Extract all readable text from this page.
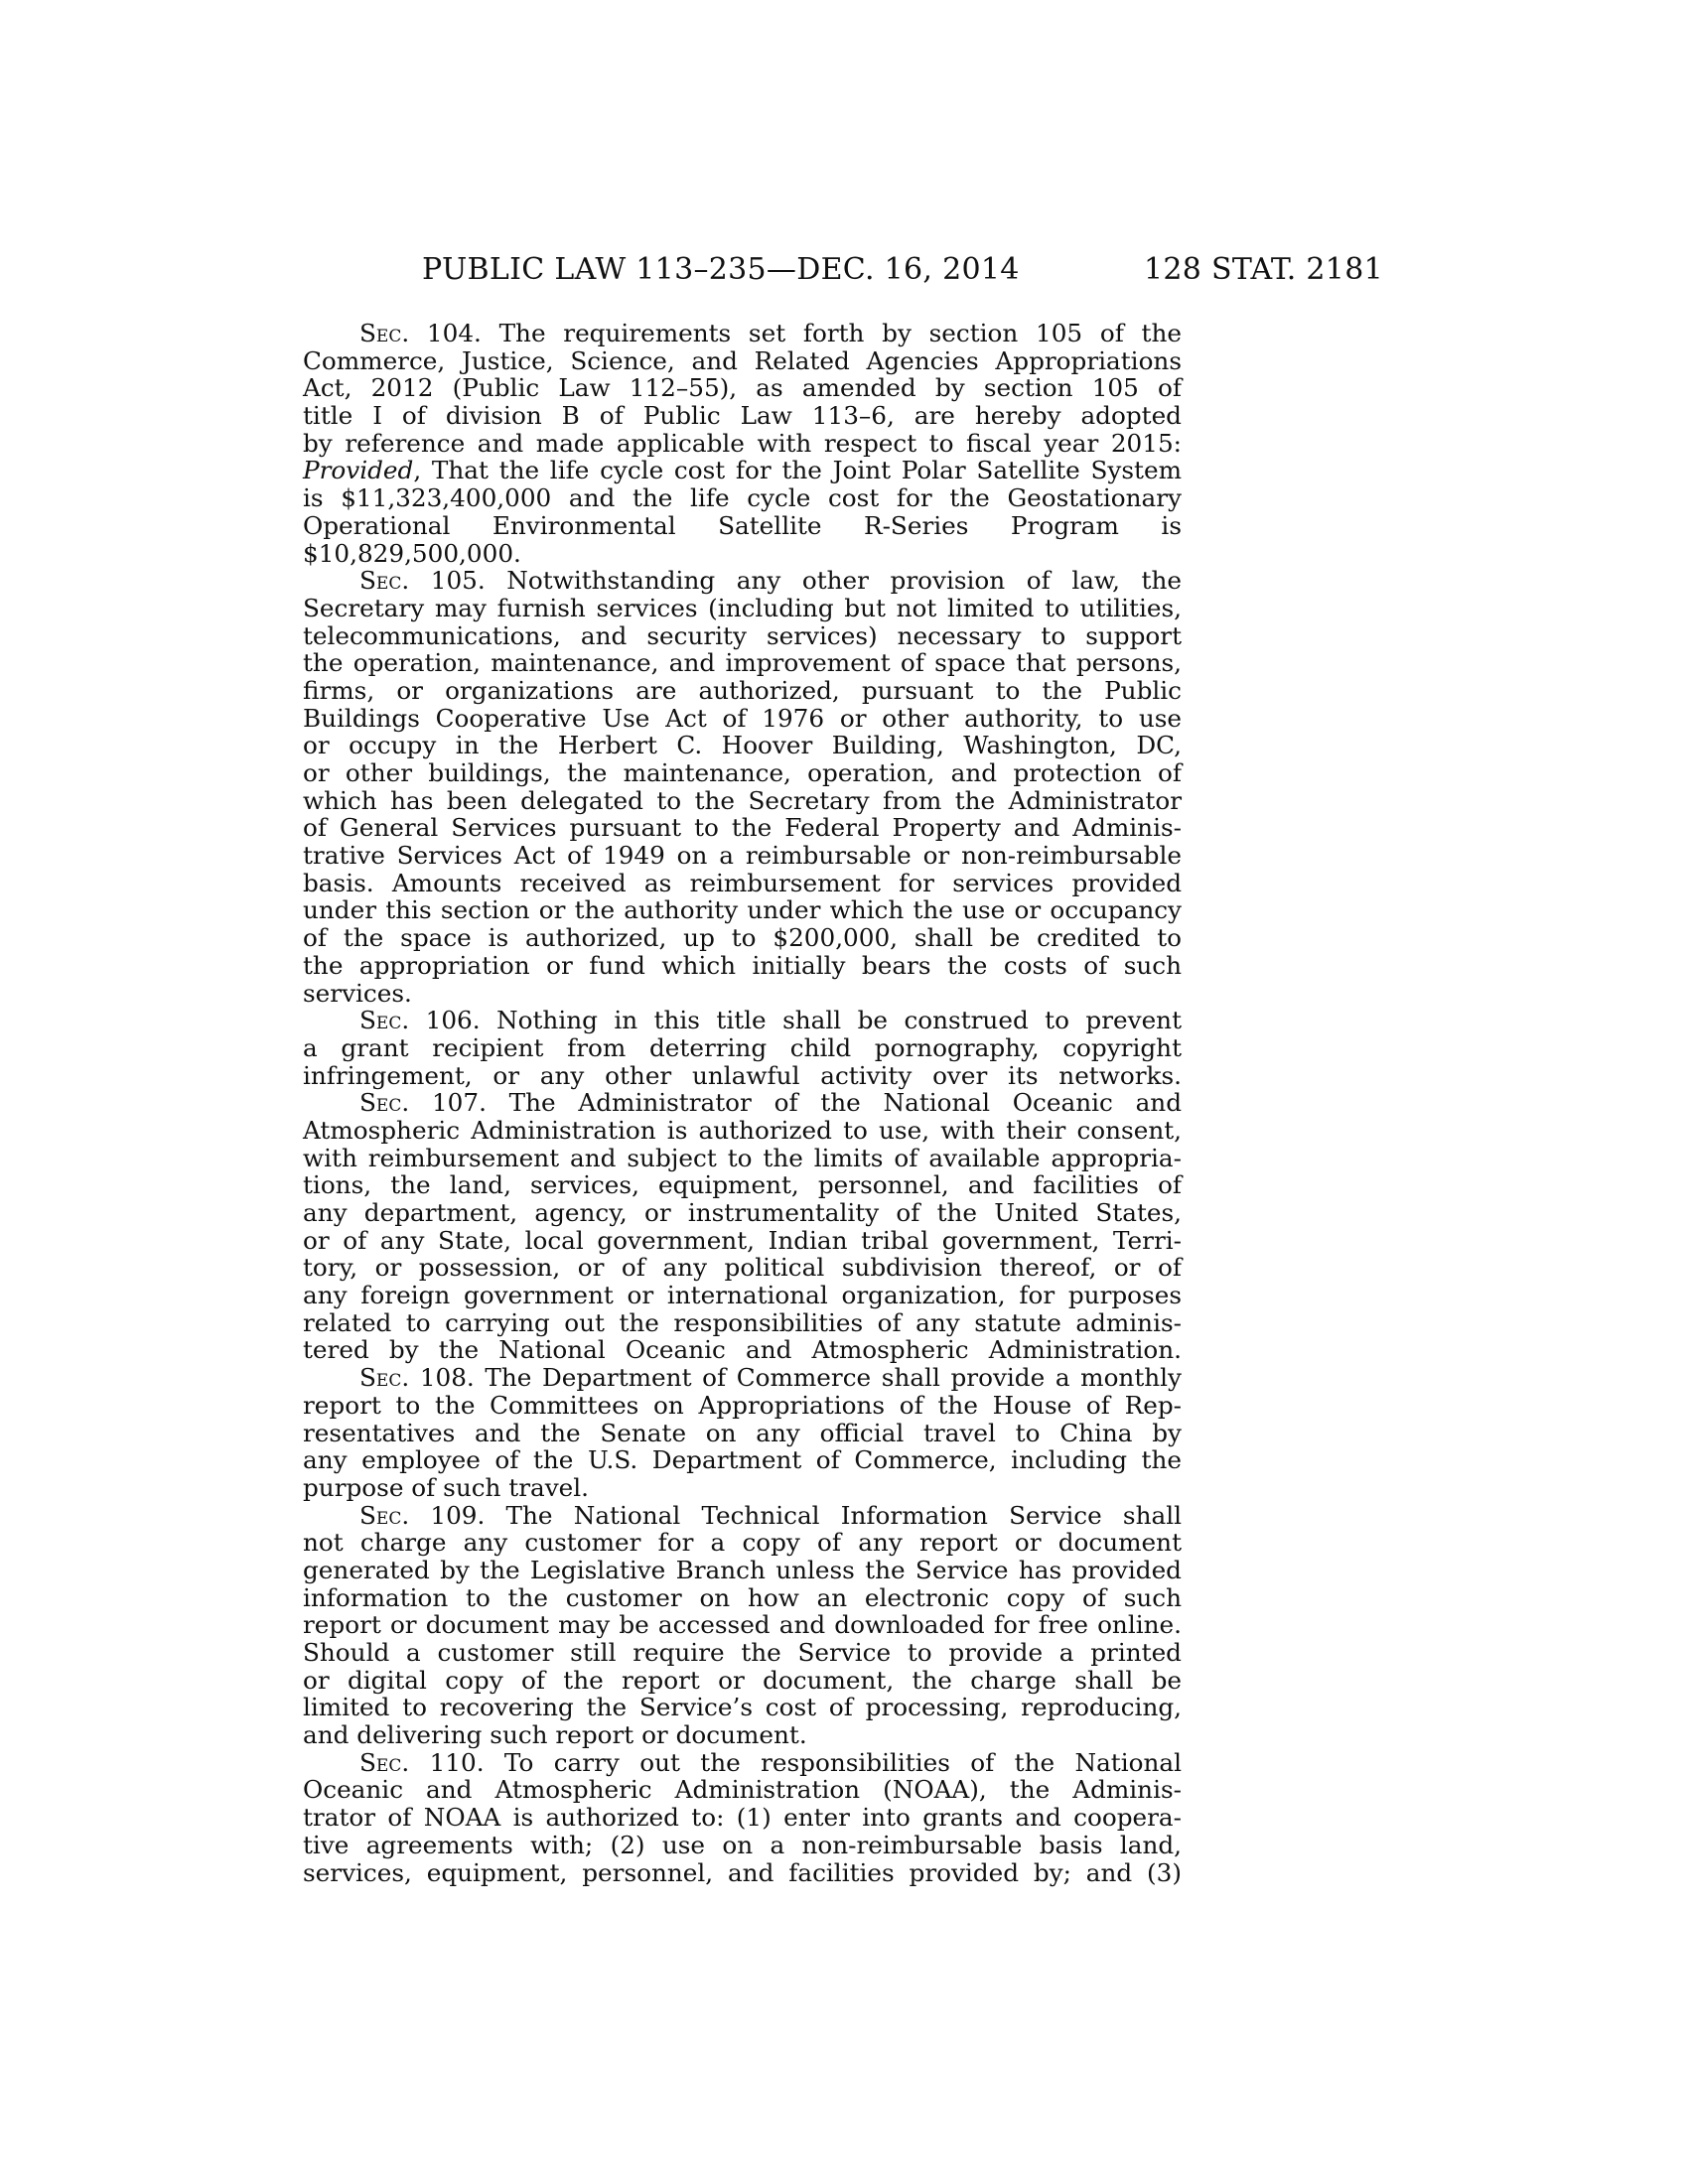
PUBLIC LAW 113–235—DEC. 16, 2014	128 STAT. 2181
Sec. 104. The requirements set forth by section 105 of the
Commerce, Justice, Science, and Related Agencies Appropriations
Act, 2012 (Public Law 112–55), as amended by section 105 of
title I of division B of Public Law 113–6, are hereby adopted
by reference and made applicable with respect to fiscal year 2015:
Provided, That the life cycle cost for the Joint Polar Satellite System
is $11,323,400,000 and the life cycle cost for the Geostationary
Operational Environmental Satellite R-Series Program is
$10,829,500,000.
Sec. 105. Notwithstanding any other provision of law, the
Secretary may furnish services (including but not limited to utilities,
telecommunications, and security services) necessary to support
the operation, maintenance, and improvement of space that persons,
firms, or organizations are authorized, pursuant to the Public
Buildings Cooperative Use Act of 1976 or other authority, to use
or occupy in the Herbert C. Hoover Building, Washington, DC,
or other buildings, the maintenance, operation, and protection of
which has been delegated to the Secretary from the Administrator
of General Services pursuant to the Federal Property and Adminis-
trative Services Act of 1949 on a reimbursable or non-reimbursable
basis. Amounts received as reimbursement for services provided
under this section or the authority under which the use or occupancy
of the space is authorized, up to $200,000, shall be credited to
the appropriation or fund which initially bears the costs of such
services.
Sec. 106. Nothing in this title shall be construed to prevent
a grant recipient from deterring child pornography, copyright
infringement, or any other unlawful activity over its networks.
Sec. 107. The Administrator of the National Oceanic and
Atmospheric Administration is authorized to use, with their consent,
with reimbursement and subject to the limits of available appropria-
tions, the land, services, equipment, personnel, and facilities of
any department, agency, or instrumentality of the United States,
or of any State, local government, Indian tribal government, Terri-
tory, or possession, or of any political subdivision thereof, or of
any foreign government or international organization, for purposes
related to carrying out the responsibilities of any statute adminis-
tered by the National Oceanic and Atmospheric Administration.
Sec. 108. The Department of Commerce shall provide a monthly
report to the Committees on Appropriations of the House of Rep-
resentatives and the Senate on any official travel to China by
any employee of the U.S. Department of Commerce, including the
purpose of such travel.
Sec. 109. The National Technical Information Service shall
not charge any customer for a copy of any report or document
generated by the Legislative Branch unless the Service has provided
information to the customer on how an electronic copy of such
report or document may be accessed and downloaded for free online.
Should a customer still require the Service to provide a printed
or digital copy of the report or document, the charge shall be
limited to recovering the Service’s cost of processing, reproducing,
and delivering such report or document.
Sec. 110. To carry out the responsibilities of the National
Oceanic and Atmospheric Administration (NOAA), the Adminis-
trator of NOAA is authorized to: (1) enter into grants and coopera-
tive agreements with; (2) use on a non-reimbursable basis land,
services, equipment, personnel, and facilities provided by; and (3)
